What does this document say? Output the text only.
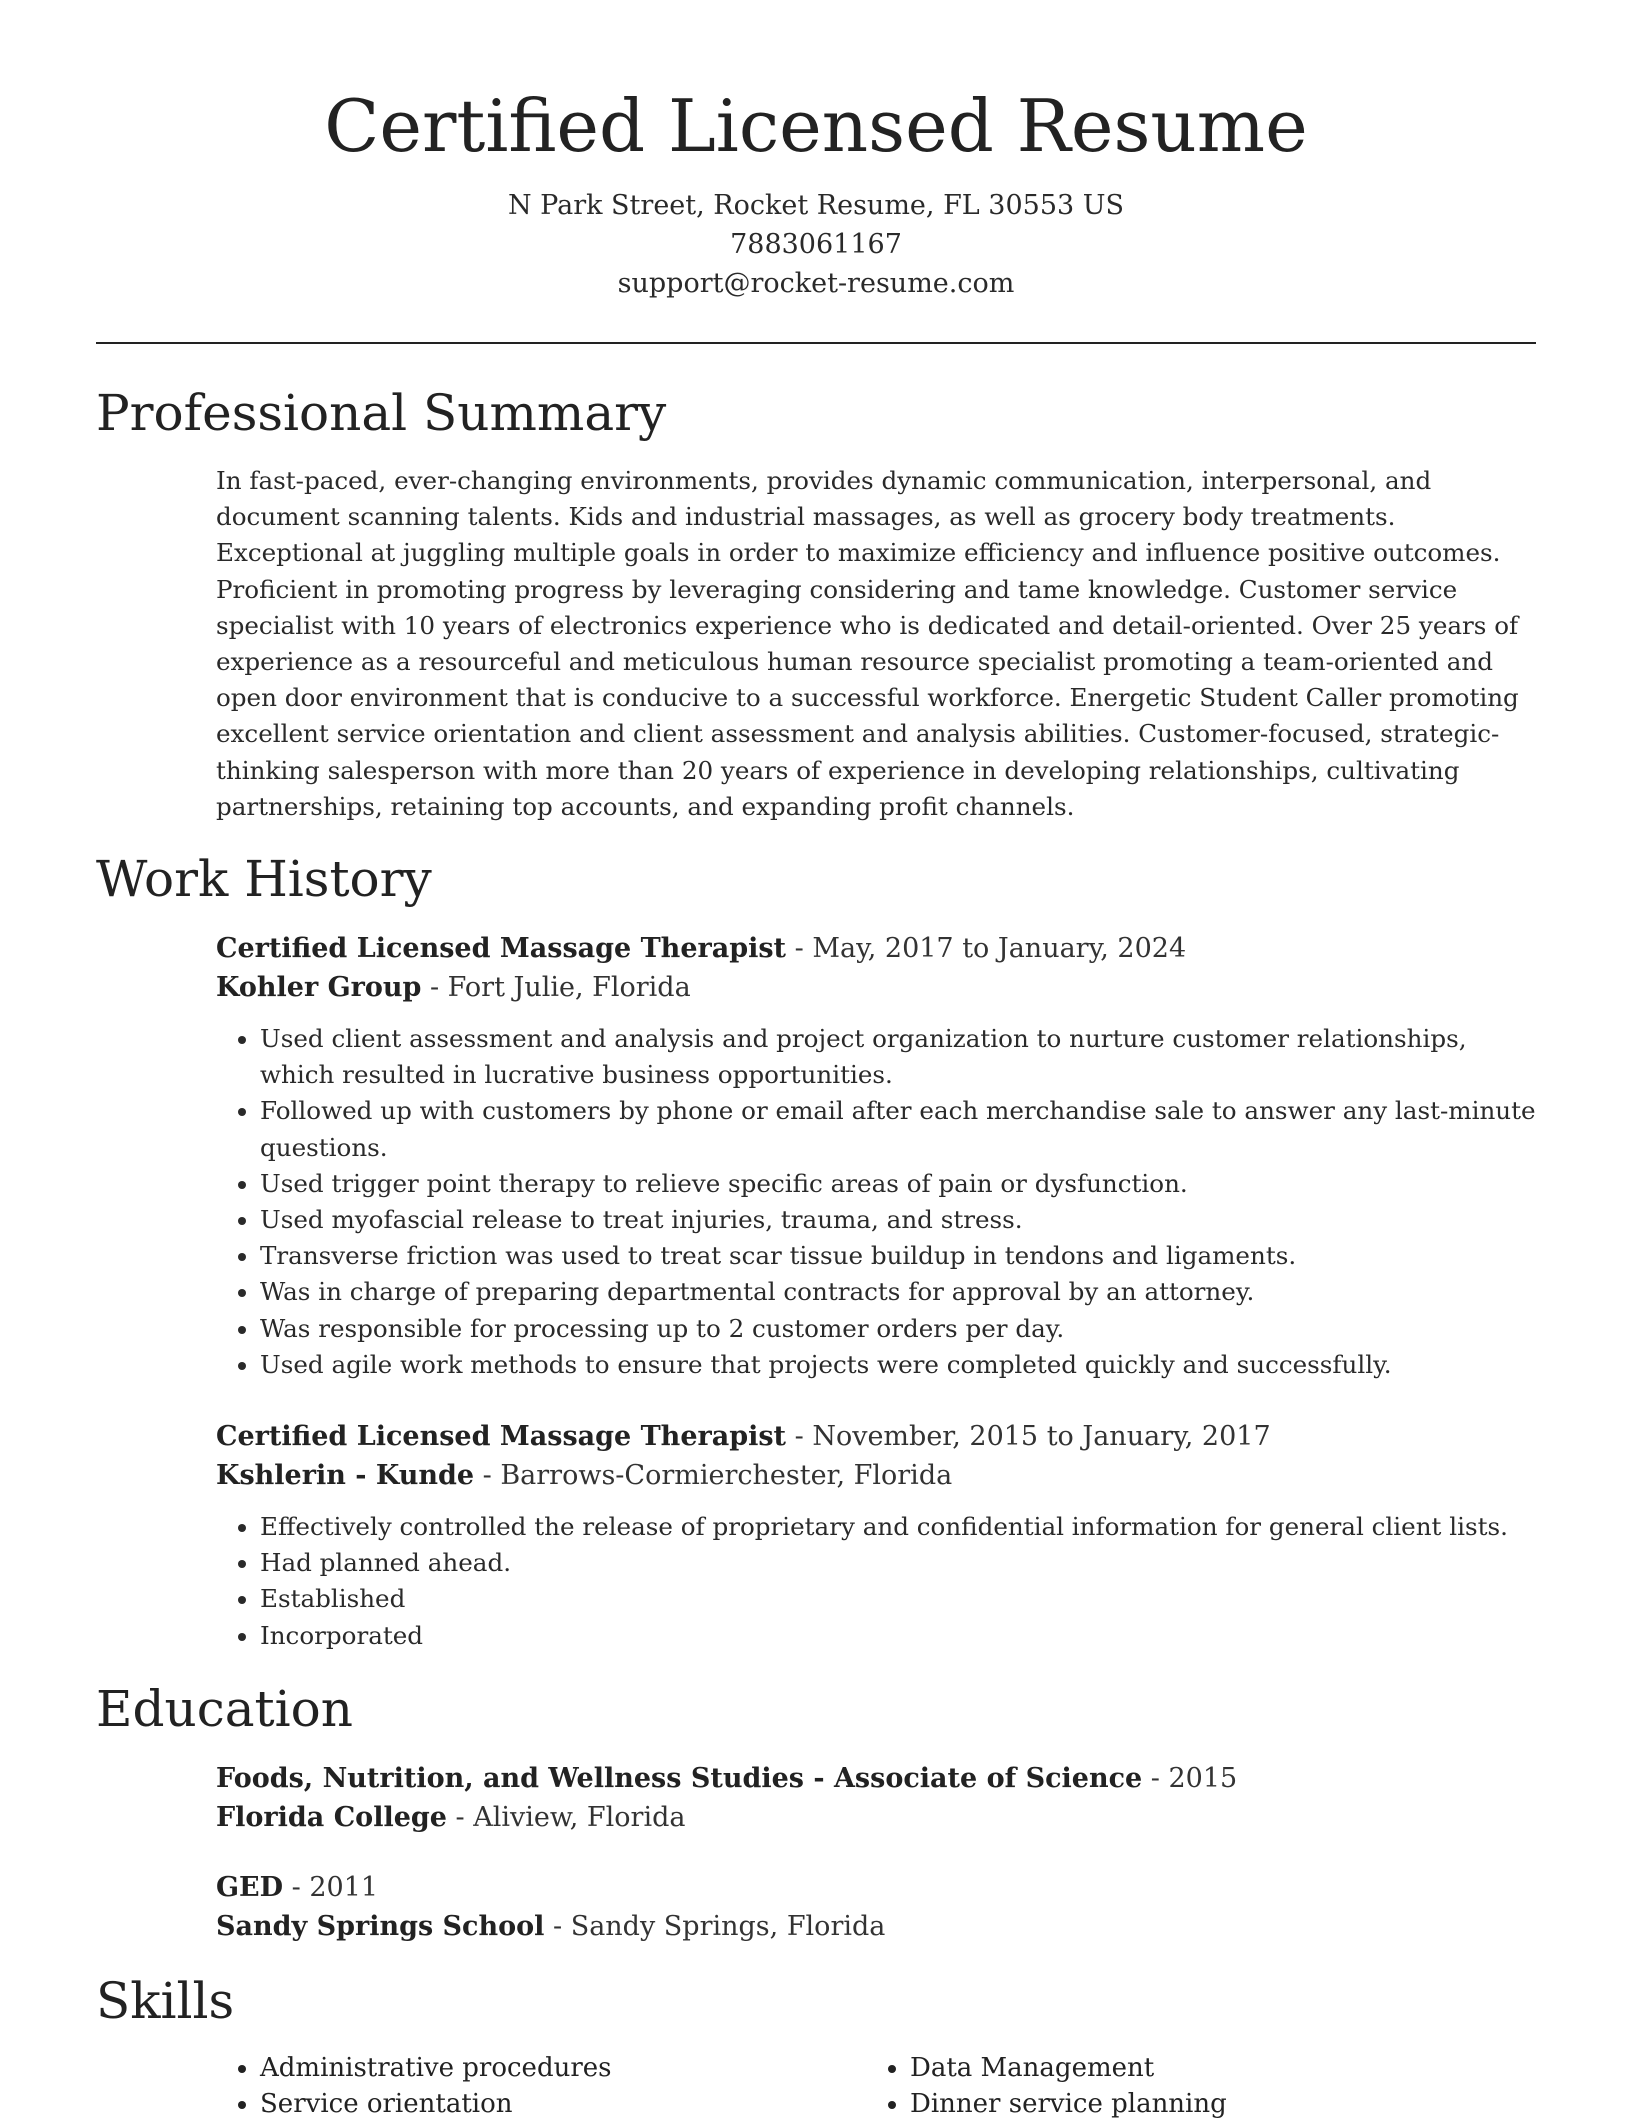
Certified Licensed Resume
N Park Street, Rocket Resume, FL 30553 US
7883061167
support@rocket-resume.com
Professional Summary
In fast-paced, ever-changing environments, provides dynamic communication, interpersonal, and document scanning talents. Kids and industrial massages, as well as grocery body treatments. Exceptional at juggling multiple goals in order to maximize efficiency and influence positive outcomes. Proficient in promoting progress by leveraging considering and tame knowledge. Customer service specialist with 10 years of electronics experience who is dedicated and detail-oriented. Over 25 years of experience as a resourceful and meticulous human resource specialist promoting a team-oriented and open door environment that is conducive to a successful workforce. Energetic Student Caller promoting excellent service orientation and client assessment and analysis abilities. Customer-focused, strategic-thinking salesperson with more than 20 years of experience in developing relationships, cultivating partnerships, retaining top accounts, and expanding profit channels.
Work History
Certified Licensed Massage Therapist - May, 2017 to January, 2024
Kohler Group - Fort Julie, Florida
• Used client assessment and analysis and project organization to nurture customer relationships, which resulted in lucrative business opportunities.
• Followed up with customers by phone or email after each merchandise sale to answer any last-minute questions.
• Used trigger point therapy to relieve specific areas of pain or dysfunction.
• Used myofascial release to treat injuries, trauma, and stress.
• Transverse friction was used to treat scar tissue buildup in tendons and ligaments.
• Was in charge of preparing departmental contracts for approval by an attorney.
• Was responsible for processing up to 2 customer orders per day.
• Used agile work methods to ensure that projects were completed quickly and successfully.
Certified Licensed Massage Therapist - November, 2015 to January, 2017
Kshlerin - Kunde - Barrows-Cormierchester, Florida
• Effectively controlled the release of proprietary and confidential information for general client lists.
• Had planned ahead.
• Established
• Incorporated
Education
Foods, Nutrition, and Wellness Studies - Associate of Science - 2015
Florida College - Aliview, Florida
GED - 2011
Sandy Springs School - Sandy Springs, Florida
Skills
• Administrative procedures
• Service orientation
• Data Management
• Dinner service planning
